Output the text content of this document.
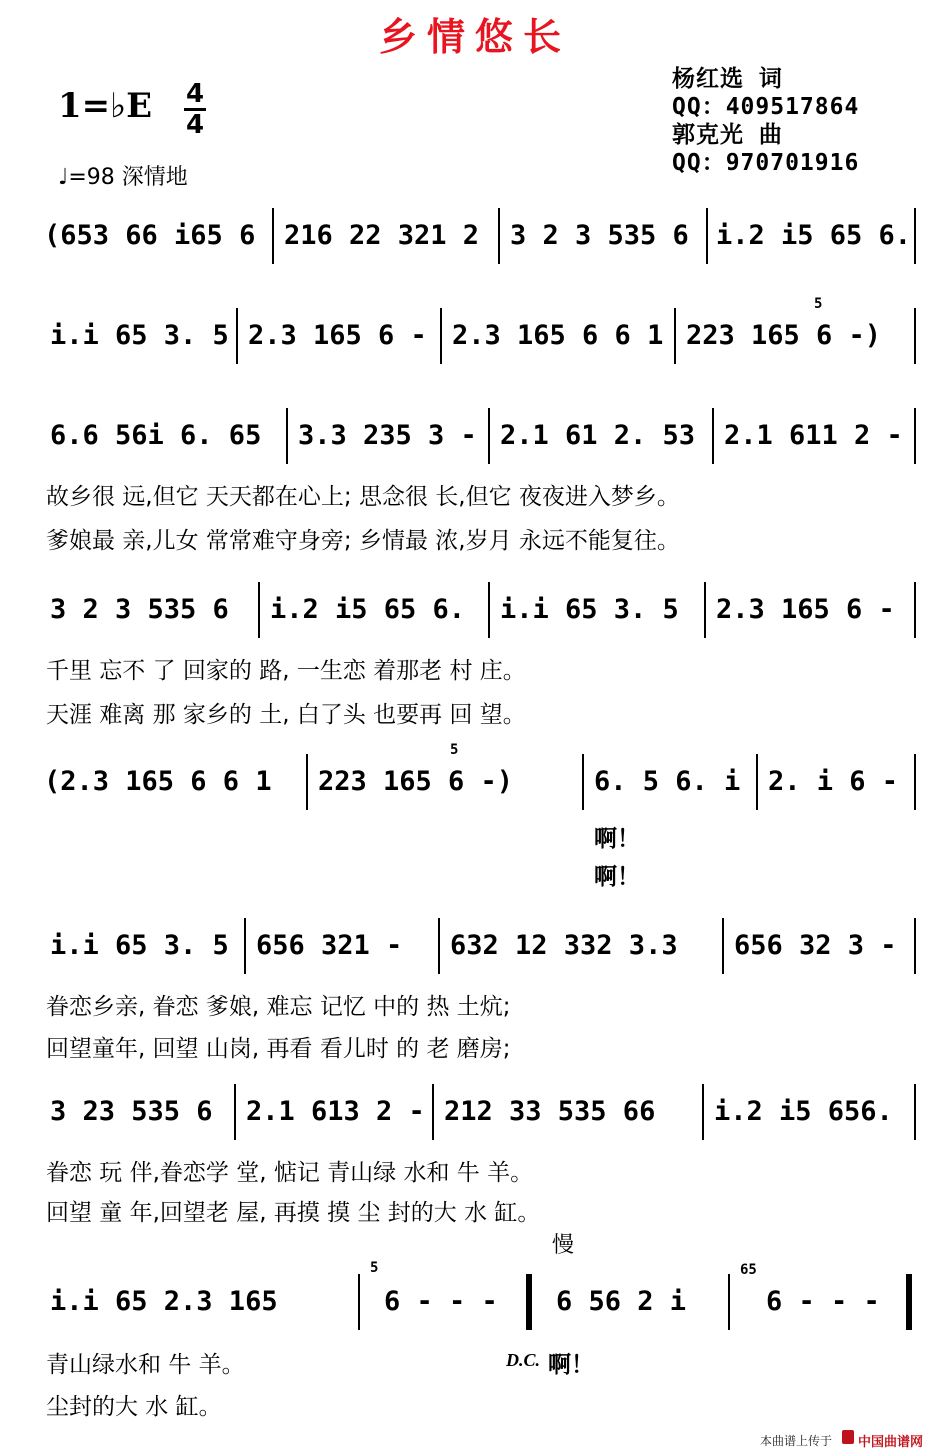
乡情悠长
1=♭E 4
4
♩=98 深情地
杨红选 词
QQ：409517864
郭克光 曲
QQ：970701916
(653 66 i65 6 216 22 321 2 3 2 3 535 6 i.2 i5 65 6.
i.i 65 3. 5 2.3 165 6 - 2.3 165 6 6 1
5
223 165 6 -)
6.6 56i 6. 65 3.3 235 3 - 2.1 61 2. 53 2.1 611 2 -
故乡很 远,但它 天天都在心上; 思念很 长,但它 夜夜进入梦乡。
爹娘最 亲,儿女 常常难守身旁; 乡情最 浓,岁月 永远不能复往。
3 2 3 535 6 i.2 i5 65 6. i.i 65 3. 5 2.3 165 6 -
千里 忘不 了 回家的 路, 一生恋 着那老 村 庄。
天涯 难离 那 家乡的 土, 白了头 也要再 回 望。
(2.3 165 6 6 1
5
223 165 6 -)	6. 5 6. i 2. i 6 -
啊！
啊！
i.i 65 3. 5 656 321 - 632 12 332 3.3 656 32 3 -
眷恋乡亲, 眷恋 爹娘, 难忘 记忆 中的 热 土炕;
回望童年, 回望 山岗, 再看 看儿时 的 老 磨房;
3 23 535 6 2.1 613 2 - 212 33 535 66 i.2 i5 656.
眷恋 玩 伴,眷恋学 堂, 惦记 青山绿 水和 牛 羊。
回望 童 年,回望老 屋, 再摸 摸 尘 封的大 水 缸。
慢
i.i 65 2.3 165
5
6 - - - 6 56 2 i
65
6 - - -
青山绿水和 牛 羊。
尘封的大 水 缸。
D.C. 啊！
本曲谱上传于 中国曲谱网
